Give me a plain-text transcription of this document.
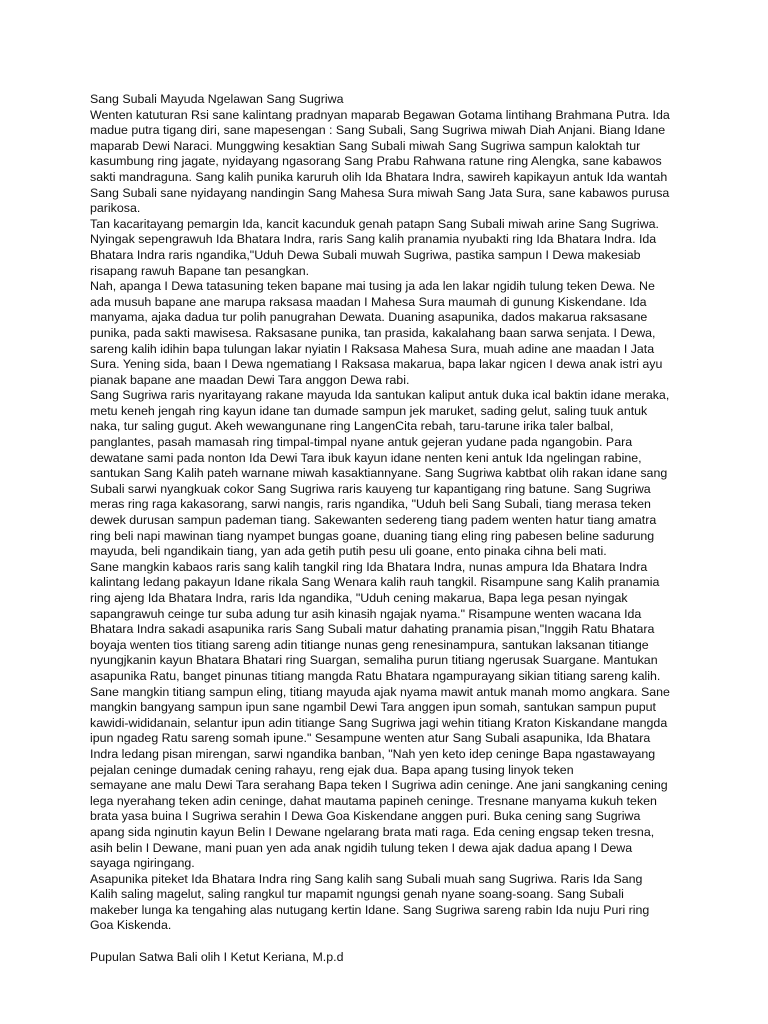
Sang Subali Mayuda Ngelawan Sang Sugriwa

Wenten katuturan Rsi sane kalintang pradnyan maparab Begawan Gotama lintihang Brahmana Putra. Ida
madue putra tigang diri, sane mapesengan : Sang Subali, Sang Sugriwa miwah Diah Anjani. Biang Idane
maparab Dewi Naraci. Munggwing kesaktian Sang Subali miwah Sang Sugriwa sampun kaloktah tur
kasumbung ring jagate, nyidayang ngasorang Sang Prabu Rahwana ratune ring Alengka, sane kabawos
sakti mandraguna. Sang kalih punika karuruh olih Ida Bhatara Indra, sawireh kapikayun antuk Ida wantah
Sang Subali sane nyidayang nandingin Sang Mahesa Sura miwah Sang Jata Sura, sane kabawos purusa
parikosa.

Tan kacaritayang pemargin Ida, kancit kacunduk genah patapn Sang Subali miwah arine Sang Sugriwa.
Nyingak sepengrawuh Ida Bhatara Indra, raris Sang kalih pranamia nyubakti ring Ida Bhatara Indra. Ida
Bhatara Indra raris ngandika,"Uduh Dewa Subali muwah Sugriwa, pastika sampun I Dewa makesiab
risapang rawuh Bapane tan pesangkan.

Nah, apanga I Dewa tatasuning teken bapane mai tusing ja ada len lakar ngidih tulung teken Dewa. Ne
ada musuh bapane ane marupa raksasa maadan I Mahesa Sura maumah di gunung Kiskendane. Ida
manyama, ajaka dadua tur polih panugrahan Dewata. Duaning asapunika, dados makarua raksasane
punika, pada sakti mawisesa. Raksasane punika, tan prasida, kakalahang baan sarwa senjata. I Dewa,
sareng kalih idihin bapa tulungan lakar nyiatin I Raksasa Mahesa Sura, muah adine ane maadan I Jata
Sura. Yening sida, baan I Dewa ngematiang I Raksasa makarua, bapa lakar ngicen I dewa anak istri ayu
pianak bapane ane maadan Dewi Tara anggon Dewa rabi.

Sang Sugriwa raris nyaritayang rakane mayuda Ida santukan kaliput antuk duka ical baktin idane meraka,
metu keneh jengah ring kayun idane tan dumade sampun jek maruket, sading gelut, saling tuuk antuk
naka, tur saling gugut. Akeh wewangunane ring LangenCita rebah, taru-tarune irika taler balbal,
panglantes, pasah mamasah ring timpal-timpal nyane antuk gejeran yudane pada ngangobin. Para
dewatane sami pada nonton Ida Dewi Tara ibuk kayun idane nenten keni antuk Ida ngelingan rabine,
santukan Sang Kalih pateh warnane miwah kasaktiannyane. Sang Sugriwa kabtbat olih rakan idane sang
Subali sarwi nyangkuak cokor Sang Sugriwa raris kauyeng tur kapantigang ring batune. Sang Sugriwa
meras ring raga kakasorang, sarwi nangis, raris ngandika, "Uduh beli Sang Subali, tiang merasa teken
dewek durusan sampun pademan tiang. Sakewanten sedereng tiang padem wenten hatur tiang amatra
ring beli napi mawinan tiang nyampet bungas goane, duaning tiang eling ring pabesen beline sadurung
mayuda, beli ngandikain tiang, yan ada getih putih pesu uli goane, ento pinaka cihna beli mati.

Sane mangkin kabaos raris sang kalih tangkil ring Ida Bhatara Indra, nunas ampura Ida Bhatara Indra
kalintang ledang pakayun Idane rikala Sang Wenara kalih rauh tangkil. Risampune sang Kalih pranamia
ring ajeng Ida Bhatara Indra, raris Ida ngandika, "Uduh cening makarua, Bapa lega pesan nyingak
sapangrawuh ceinge tur suba adung tur asih kinasih ngajak nyama." Risampune wenten wacana Ida
Bhatara Indra sakadi asapunika raris Sang Subali matur dahating pranamia pisan,"Inggih Ratu Bhatara
boyaja wenten tios titiang sareng adin titiange nunas geng renesinampura, santukan laksanan titiange
nyungjkanin kayun Bhatara Bhatari ring Suargan, semaliha purun titiang ngerusak Suargane. Mantukan
asapunika Ratu, banget pinunas titiang mangda Ratu Bhatara ngampurayang sikian titiang sareng kalih.
Sane mangkin titiang sampun eling, titiang mayuda ajak nyama mawit antuk manah momo angkara. Sane
mangkin bangyang sampun ipun sane ngambil Dewi Tara anggen ipun somah, santukan sampun puput
kawidi-wididanain, selantur ipun adin titiange Sang Sugriwa jagi wehin titiang Kraton Kiskandane mangda
ipun ngadeg Ratu sareng somah ipune." Sesampune wenten atur Sang Subali asapunika, Ida Bhatara
Indra ledang pisan mirengan, sarwi ngandika banban, "Nah yen keto idep ceninge Bapa ngastawayang
pejalan ceninge dumadak cening rahayu, reng ejak dua. Bapa apang tusing linyok teken
semayane ane malu Dewi Tara serahang Bapa teken I Sugriwa adin ceninge. Ane jani sangkaning cening
lega nyerahang teken adin ceninge, dahat mautama papineh ceninge. Tresnane manyama kukuh teken
brata yasa buina I Sugriwa serahin I Dewa Goa Kiskendane anggen puri. Buka cening sang Sugriwa
apang sida nginutin kayun Belin I Dewane ngelarang brata mati raga. Eda cening engsap teken tresna,
asih belin I Dewane, mani puan yen ada anak ngidih tulung teken I dewa ajak dadua apang I Dewa
sayaga ngiringang.

Asapunika piteket Ida Bhatara Indra ring Sang kalih sang Subali muah sang Sugriwa. Raris Ida Sang
Kalih saling magelut, saling rangkul tur mapamit ngungsi genah nyane soang-soang. Sang Subali
makeber lunga ka tengahing alas nutugang kertin Idane. Sang Sugriwa sareng rabin Ida nuju Puri ring
Goa Kiskenda.

Pupulan Satwa Bali olih I Ketut Keriana, M.p.d
